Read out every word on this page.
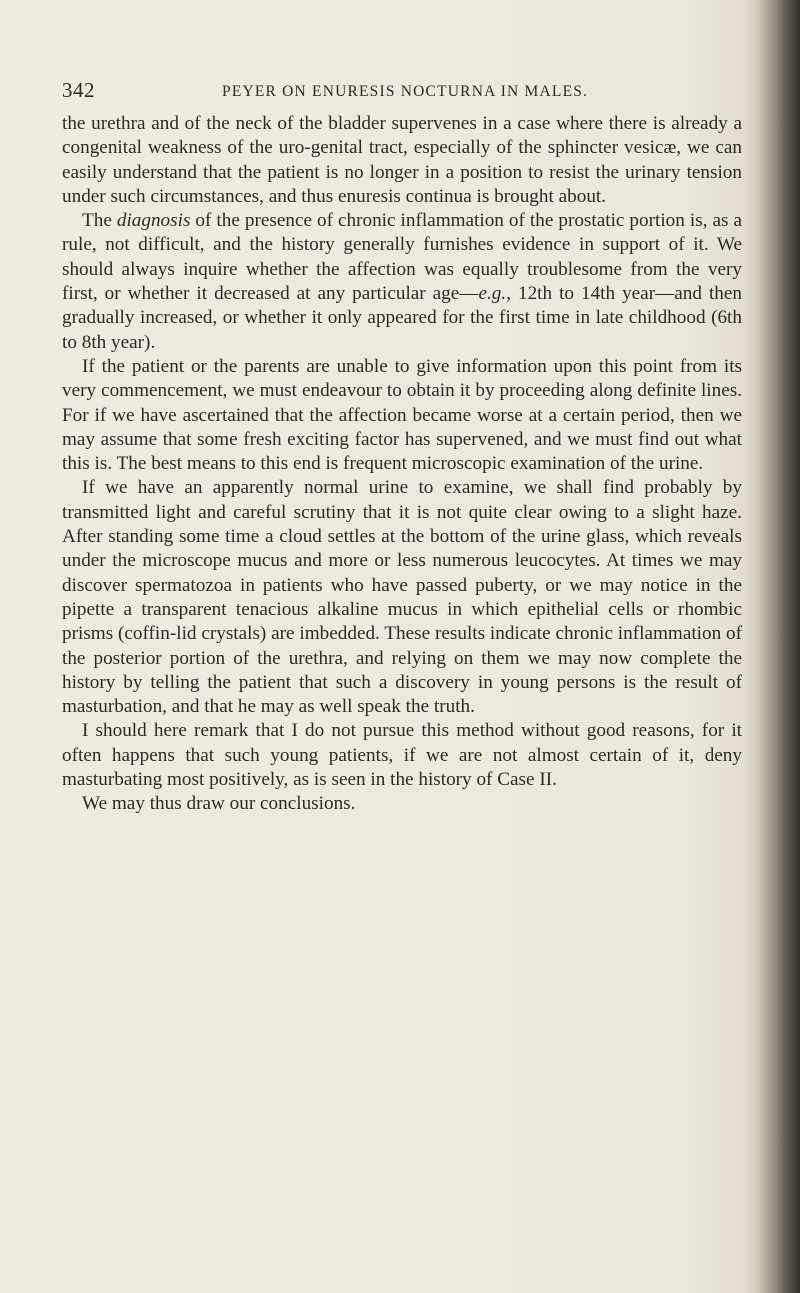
342	PEYER ON ENURESIS NOCTURNA IN MALES.

the urethra and of the neck of the bladder supervenes in a case where there is already a congenital weakness of the uro-genital tract, especially of the sphincter vesicæ, we can easily understand that the patient is no longer in a position to resist the urinary tension under such circumstances, and thus enuresis continua is brought about.

The diagnosis of the presence of chronic inflammation of the prostatic portion is, as a rule, not difficult, and the history generally furnishes evidence in support of it. We should always inquire whether the affection was equally troublesome from the very first, or whether it decreased at any particular age—e.g., 12th to 14th year—and then gradually increased, or whether it only appeared for the first time in late childhood (6th to 8th year).

If the patient or the parents are unable to give information upon this point from its very commencement, we must endeavour to obtain it by proceeding along definite lines. For if we have ascertained that the affection became worse at a certain period, then we may assume that some fresh exciting factor has supervened, and we must find out what this is. The best means to this end is frequent microscopic examination of the urine.

If we have an apparently normal urine to examine, we shall find probably by transmitted light and careful scrutiny that it is not quite clear owing to a slight haze. After standing some time a cloud settles at the bottom of the urine glass, which reveals under the microscope mucus and more or less numerous leucocytes. At times we may discover spermatozoa in patients who have passed puberty, or we may notice in the pipette a transparent tenacious alkaline mucus in which epithelial cells or rhombic prisms (coffin-lid crystals) are imbedded. These results indicate chronic inflammation of the posterior portion of the urethra, and relying on them we may now complete the history by telling the patient that such a discovery in young persons is the result of masturbation, and that he may as well speak the truth.

I should here remark that I do not pursue this method without good reasons, for it often happens that such young patients, if we are not almost certain of it, deny masturbating most positively, as is seen in the history of Case II.

We may thus draw our conclusions.
